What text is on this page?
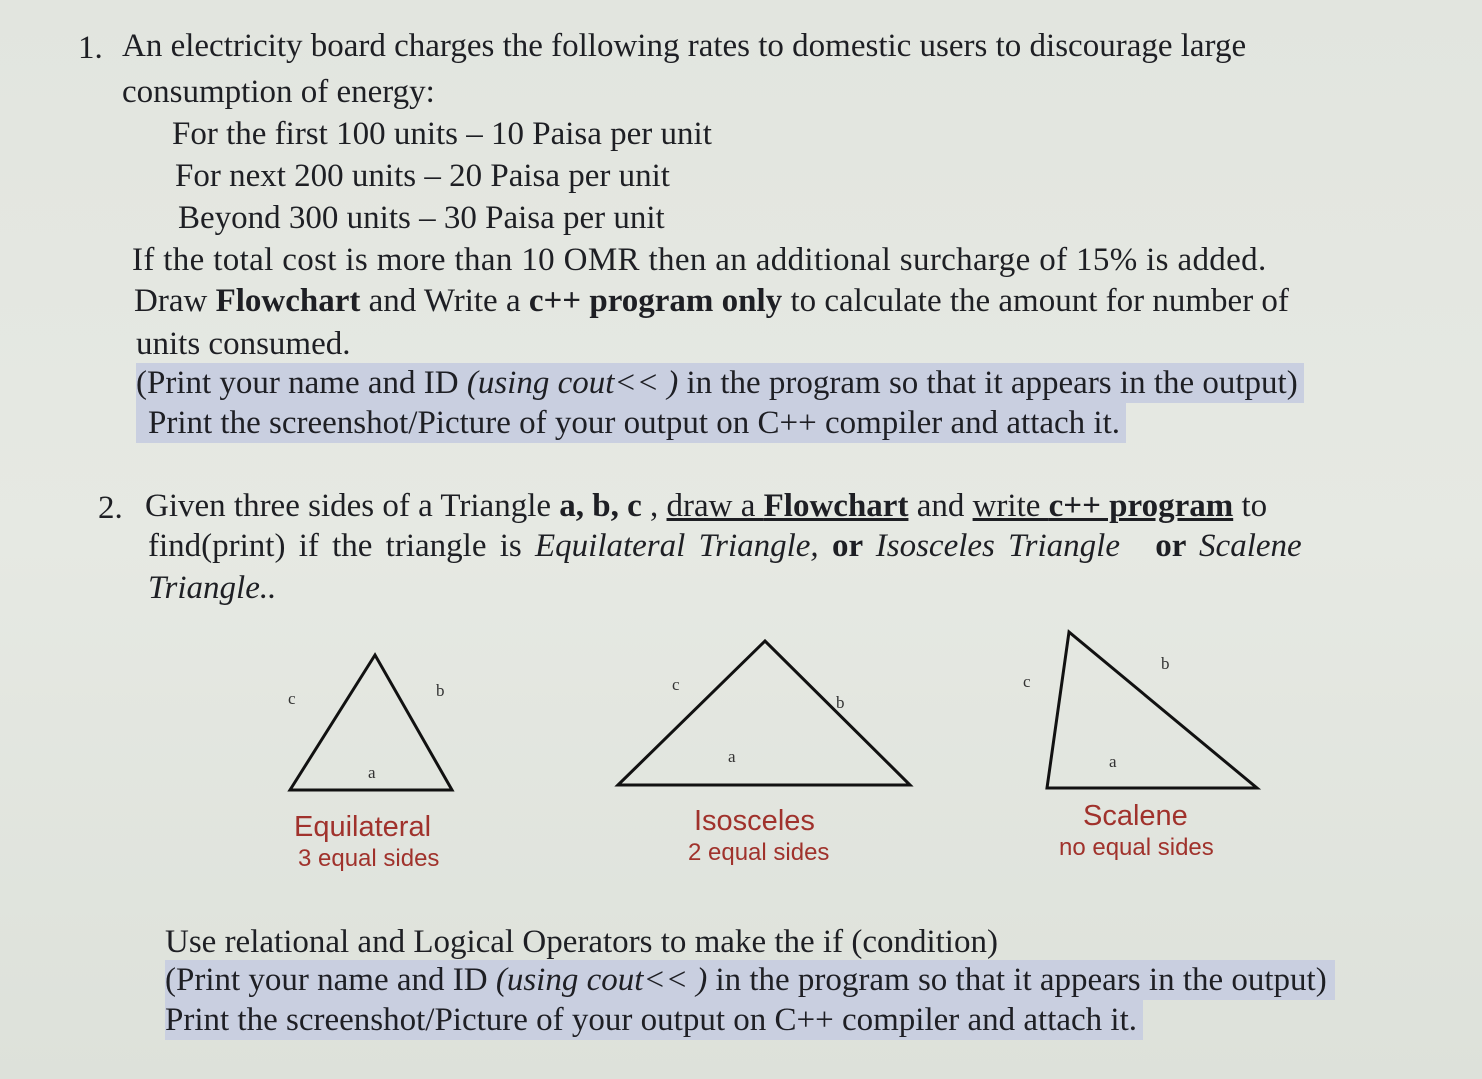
1. An electricity board charges the following rates to domestic users to discourage large
consumption of energy:
For the first 100 units – 10 Paisa per unit
For next 200 units – 20 Paisa per unit
Beyond 300 units – 30 Paisa per unit
If the total cost is more than 10 OMR then an additional surcharge of 15% is added.
Draw Flowchart and Write a c++ program only to calculate the amount for number of
units consumed.
(Print your name and ID (using cout<< ) in the program so that it appears in the output)
Print the screenshot/Picture of your output on C++ compiler and attach it.
2. Given three sides of a Triangle a, b, c , draw a Flowchart and write c++ program to
find(print) if the triangle is Equilateral Triangle, or Isosceles Triangle or Scalene
Triangle..
c	b
a
Equilateral
3 equal sides
c
b
a
Isosceles
2 equal sides
c
b
a
Scalene
no equal sides
Use relational and Logical Operators to make the if (condition)
(Print your name and ID (using cout<< ) in the program so that it appears in the output)
Print the screenshot/Picture of your output on C++ compiler and attach it.
